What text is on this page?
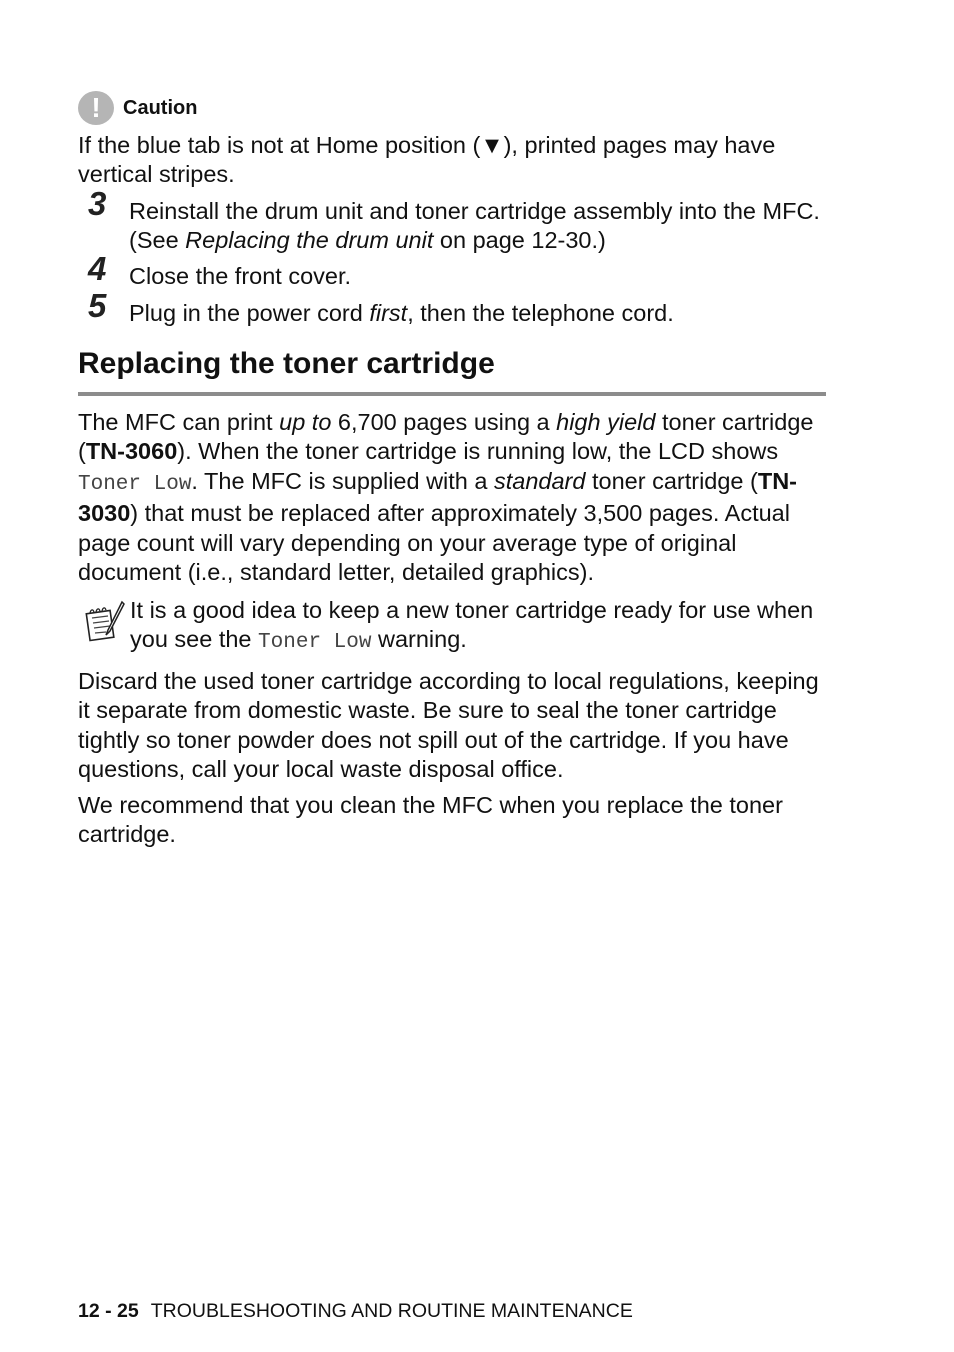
! Caution

If the blue tab is not at Home position (▼), printed pages may have vertical stripes.

3 Reinstall the drum unit and toner cartridge assembly into the MFC. (See Replacing the drum unit on page 12-30.)
4 Close the front cover.
5 Plug in the power cord first, then the telephone cord.
Replacing the toner cartridge

The MFC can print up to 6,700 pages using a high yield toner cartridge (TN-3060). When the toner cartridge is running low, the LCD shows Toner Low. The MFC is supplied with a standard toner cartridge (TN-3030) that must be replaced after approximately 3,500 pages. Actual page count will vary depending on your average type of original document (i.e., standard letter, detailed graphics).

It is a good idea to keep a new toner cartridge ready for use when you see the Toner Low warning.

Discard the used toner cartridge according to local regulations, keeping it separate from domestic waste. Be sure to seal the toner cartridge tightly so toner powder does not spill out of the cartridge. If you have questions, call your local waste disposal office.

We recommend that you clean the MFC when you replace the toner cartridge.

12 - 25 TROUBLESHOOTING AND ROUTINE MAINTENANCE
